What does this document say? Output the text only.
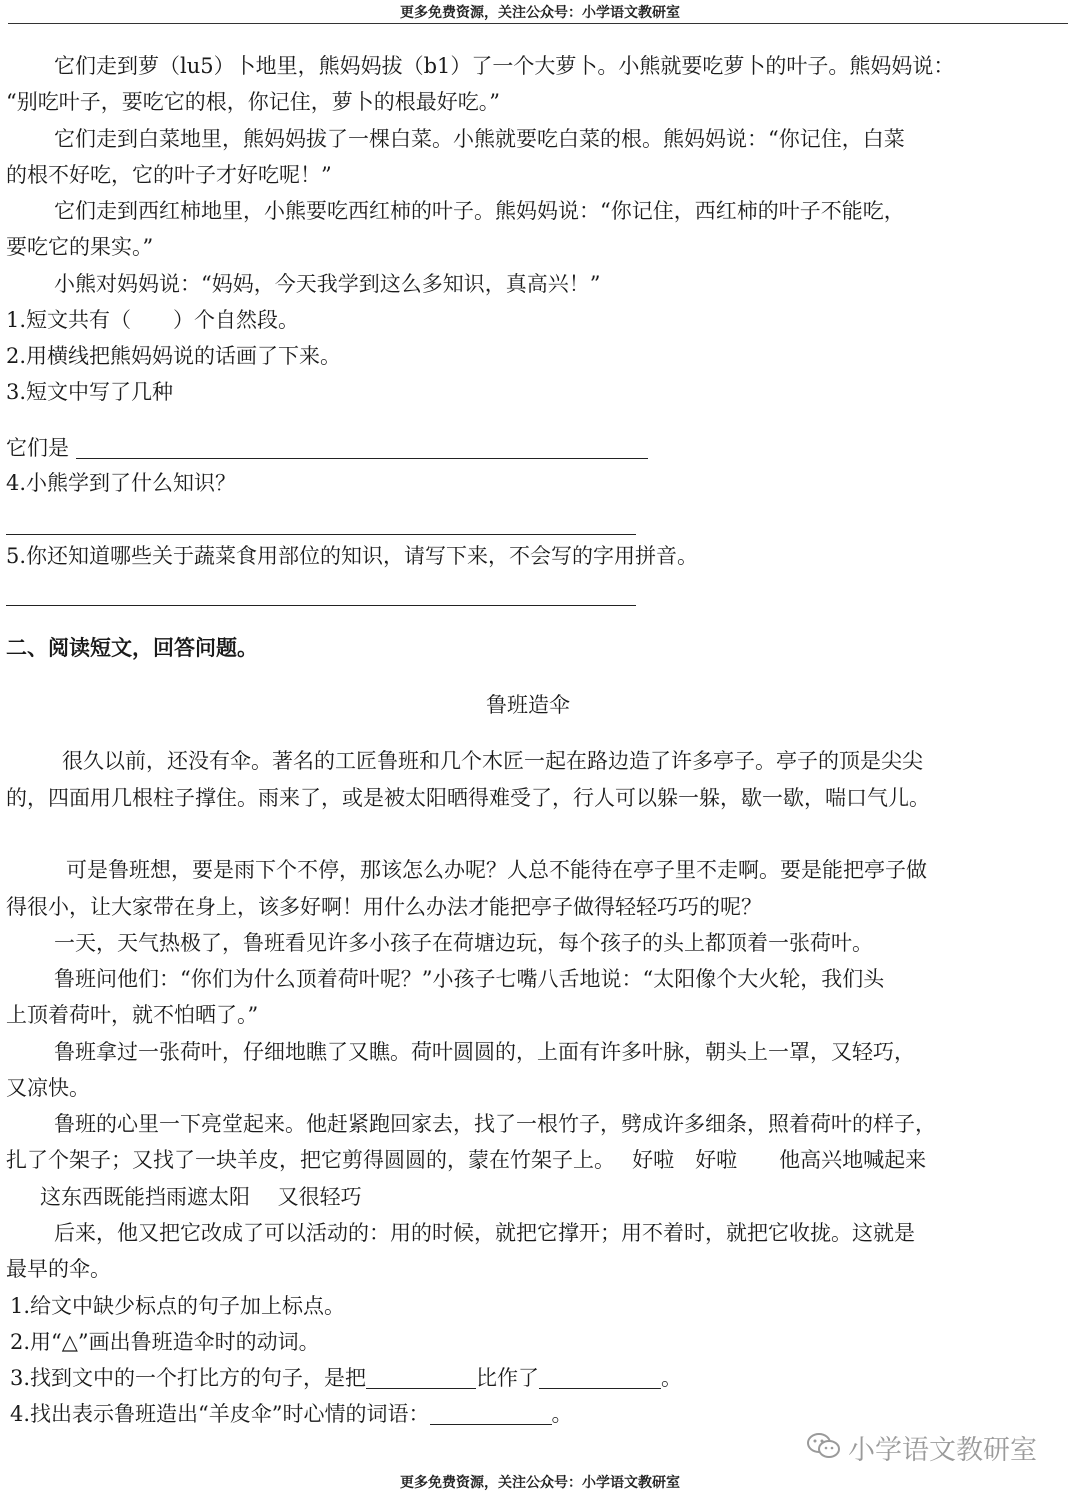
更多免费资源，关注公众号：小学语文教研室
它们走到萝（lu5）卜地里，熊妈妈拔（b1）了一个大萝卜。小熊就要吃萝卜的叶子。熊妈妈说：
“别吃叶子，要吃它的根，你记住，萝卜的根最好吃。”
它们走到白菜地里，熊妈妈拔了一棵白菜。小熊就要吃白菜的根。熊妈妈说：“你记住，白菜
的根不好吃，它的叶子才好吃呢！”
它们走到西红柿地里，小熊要吃西红柿的叶子。熊妈妈说：“你记住，西红柿的叶子不能吃，
要吃它的果实。”
小熊对妈妈说：“妈妈，今天我学到这么多知识，真高兴！”
1.短文共有（　　）个自然段。
2.用横线把熊妈妈说的话画了下来。
3.短文中写了几种
它们是
4.小熊学到了什么知识？
5.你还知道哪些关于蔬菜食用部位的知识，请写下来，不会写的字用拼音。
二、阅读短文，回答问题。
鲁班造伞
很久以前，还没有伞。著名的工匠鲁班和几个木匠一起在路边造了许多亭子。亭子的顶是尖尖
的，四面用几根柱子撑住。雨来了，或是被太阳晒得难受了，行人可以躲一躲，歇一歇，喘口气儿。
可是鲁班想，要是雨下个不停，那该怎么办呢？人总不能待在亭子里不走啊。要是能把亭子做
得很小，让大家带在身上，该多好啊！用什么办法才能把亭子做得轻轻巧巧的呢？
一天，天气热极了，鲁班看见许多小孩子在荷塘边玩，每个孩子的头上都顶着一张荷叶。
鲁班问他们：“你们为什么顶着荷叶呢？”小孩子七嘴八舌地说：“太阳像个大火轮，我们头
上顶着荷叶，就不怕晒了。”
鲁班拿过一张荷叶，仔细地瞧了又瞧。荷叶圆圆的，上面有许多叶脉，朝头上一罩，又轻巧，
又凉快。
鲁班的心里一下亮堂起来。他赶紧跑回家去，找了一根竹子，劈成许多细条，照着荷叶的样子，
扎了个架子；又找了一块羊皮，把它剪得圆圆的，蒙在竹架子上。　 好啦　好啦　　他高兴地喊起来
这东西既能挡雨遮太阳　 又很轻巧
后来，他又把它改成了可以活动的：用的时候，就把它撑开；用不着时，就把它收拢。这就是
最早的伞。
1.给文中缺少标点的句子加上标点。
2.用“△”画出鲁班造伞时的动词。
3.找到文中的一个打比方的句子，是把	比作了	。
4.找出表示鲁班造出“羊皮伞”时心情的词语：	。
小学语文教研室
更多免费资源，关注公众号：小学语文教研室
